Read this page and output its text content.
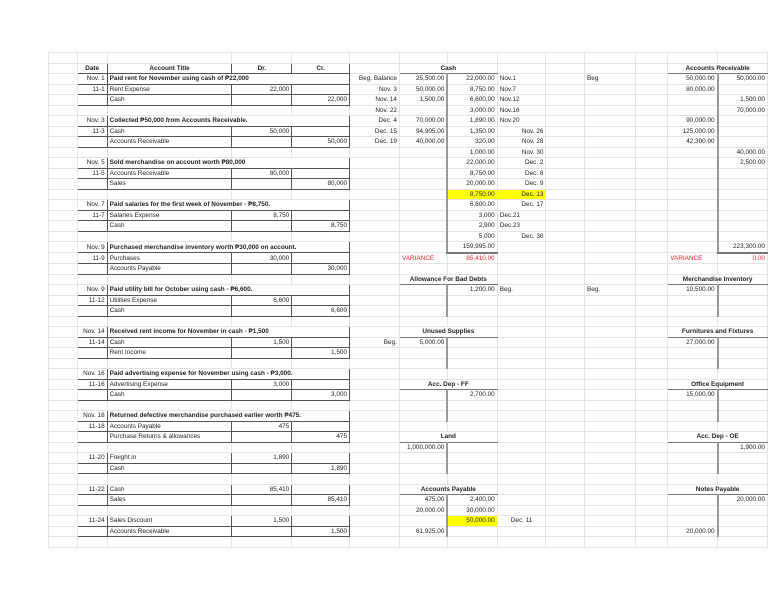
	Date	Account Title	Dr.	Cr.		Cash						Accounts Receivable	
	Nov. 1	Paid rent for November using cash of ₱22,000			Beg. Balance	25,500.00	22,000.00	Nov.1		Beg		50,000.00	50,000.00
	11-1	Rent Expense	22,000		Nov. 3	50,000.00	8,750.00	Nov.7				80,000.00	
		Cash		22,000	Nov. 14	1,500.00	6,600.00	Nov.12					1,500.00
					Nov. 22		3,000.00	Nov.16					70,000.00
	Nov. 3	Collected ₱50,000 from Accounts Receivable.			Dec. 4	70,000.00	1,890.00	Nov.20				90,000.00	
	11-3	Cash	50,000		Dec. 15	94,905.00	1,350.00	Nov. 26				125,000.00	
		Accounts Receivable		50,000	Dec. 19	40,000.00	320.00	Nov. 28				42,300.00	
							1,000.00	Nov. 30					40,000.00
	Nov. 5	Sold merchandise on account worth ₱80,000					22,000.00	Dec. 2					2,500.00
	11-5	Accounts Receivable	80,000				8,750.00	Dec. 8					
		Sales		80,000			20,000.00	Dec. 9					
							8,750.00	Dec. 13					
	Nov. 7	Paid salaries for the first week of November - ₱8,750.					6,600.00	Dec. 17					
	11-7	Salaries Expense	8,750				3,000	Dec.21					
		Cash		8,750			2,900	Dec.23					
							5,000	Dec. 30					
	Nov. 9	Purchased merchandise inventory worth ₱30,000 on account.					159,995.00						223,300.00
	11-9	Purchases	30,000			VARIANCE	85,410.00					VARIANCE	0.00
		Accounts Payable		30,000									
						Allowance For Bad Debts						Merchandise Inventory	
	Nov. 9	Paid utility bill for October using cash - ₱6,600.					1,200.00	Beg.		Beg.		10,500.00	
	11-12	Utilities Expense	6,600										
		Cash		6,600									

	Nov. 14	Received rent income for November in cash - ₱1,500				Unused Supplies						Furnitures and Fixtures	
	11-14	Cash	1,500		Beg.	5,000.00						27,000.00	
		Rent Income		1,500									

	Nov. 16	Paid advertising expense for November using cash - ₱3,000.											
	11-16	Advertising Expense	3,000			Acc. Dep - FF						Office Equipment	
		Cash		3,000			2,700.00					15,000.00	

	Nov. 18	Returned defective merchandise purchased earlier worth ₱475.											
	11-18	Accounts Payable	475										
		Purchase Returns & allowances		475		Land						Acc. Dep - OE	
						1,000,000.00							1,900.00
	11-20	Freight in	1,890										
		Cash		1,890									

	11-22	Cash	85,410			Accounts Payable						Notes Payable	
		Sales		85,410		475.00	2,400.00						20,000.00
						20,000.00	30,000.00						
	11-24	Sales Discount	1,500				50,000.00	Dec. 11					
		Accounts Receivable		1,500		61,925.00						20,000.00	
